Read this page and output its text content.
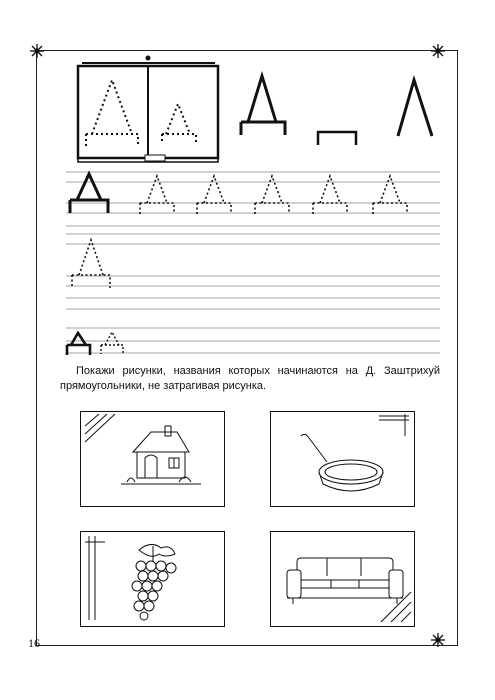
Покажи рисунки, названия которых начинаются на Д. Заштрихуй прямоугольники, не затрагивая рисунка.
16
